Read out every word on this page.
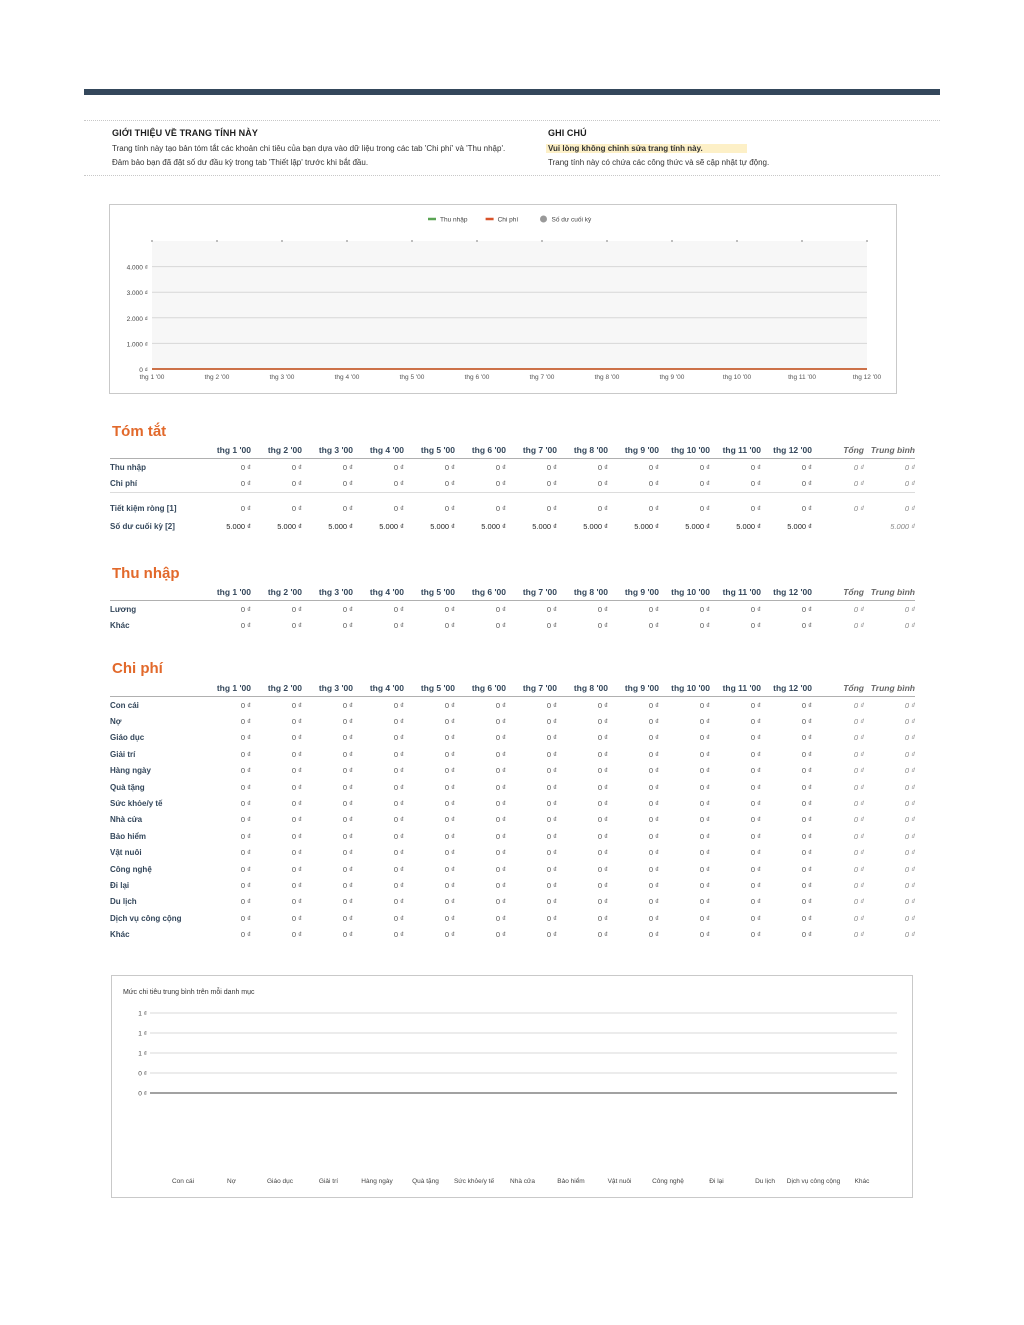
GIỚI THIỆU VỀ TRANG TÍNH NÀY

Trang tính này tạo bản tóm tắt các khoản chi tiêu của bạn dựa vào dữ liệu trong các tab 'Chi phí' và 'Thu nhập'.

Đảm bảo bạn đã đặt số dư đầu kỳ trong tab 'Thiết lập' trước khi bắt đầu.

GHI CHÚ

Vui lòng không chỉnh sửa trang tính này.

Trang tính này có chứa các công thức và sẽ cập nhật tự động.

0 ₫
1.000 ₫
2.000 ₫
3.000 ₫
4.000 ₫
thg 1 '00	thg 2 '00	thg 3 '00	thg 4 '00	thg 5 '00	thg 6 '00	thg 7 '00	thg 8 '00	thg 9 '00	thg 10 '00	thg 11 '00	thg 12 '00
Thu nhập	Chi phí	Số dư cuối kỳ
Tóm tắt
	thg 1 '00	thg 2 '00	thg 3 '00	thg 4 '00	thg 5 '00	thg 6 '00	thg 7 '00	thg 8 '00	thg 9 '00	thg 10 '00	thg 11 '00	thg 12 '00	Tổng	Trung bình
Thu nhập	0 ₫	0 ₫	0 ₫	0 ₫	0 ₫	0 ₫	0 ₫	0 ₫	0 ₫	0 ₫	0 ₫	0 ₫	0 ₫	0 ₫
Chi phí	0 ₫	0 ₫	0 ₫	0 ₫	0 ₫	0 ₫	0 ₫	0 ₫	0 ₫	0 ₫	0 ₫	0 ₫	0 ₫	0 ₫
Tiết kiệm ròng [1]	0 ₫	0 ₫	0 ₫	0 ₫	0 ₫	0 ₫	0 ₫	0 ₫	0 ₫	0 ₫	0 ₫	0 ₫	0 ₫	0 ₫
Số dư cuối kỳ [2]	5.000 ₫	5.000 ₫	5.000 ₫	5.000 ₫	5.000 ₫	5.000 ₫	5.000 ₫	5.000 ₫	5.000 ₫	5.000 ₫	5.000 ₫	5.000 ₫		5.000 ₫
Thu nhập
	thg 1 '00	thg 2 '00	thg 3 '00	thg 4 '00	thg 5 '00	thg 6 '00	thg 7 '00	thg 8 '00	thg 9 '00	thg 10 '00	thg 11 '00	thg 12 '00	Tổng	Trung bình
Lương	0 ₫	0 ₫	0 ₫	0 ₫	0 ₫	0 ₫	0 ₫	0 ₫	0 ₫	0 ₫	0 ₫	0 ₫	0 ₫	0 ₫
Khác	0 ₫	0 ₫	0 ₫	0 ₫	0 ₫	0 ₫	0 ₫	0 ₫	0 ₫	0 ₫	0 ₫	0 ₫	0 ₫	0 ₫
Chi phí
	thg 1 '00	thg 2 '00	thg 3 '00	thg 4 '00	thg 5 '00	thg 6 '00	thg 7 '00	thg 8 '00	thg 9 '00	thg 10 '00	thg 11 '00	thg 12 '00	Tổng	Trung bình
Con cái	0 ₫	0 ₫	0 ₫	0 ₫	0 ₫	0 ₫	0 ₫	0 ₫	0 ₫	0 ₫	0 ₫	0 ₫	0 ₫	0 ₫
Nợ	0 ₫	0 ₫	0 ₫	0 ₫	0 ₫	0 ₫	0 ₫	0 ₫	0 ₫	0 ₫	0 ₫	0 ₫	0 ₫	0 ₫
Giáo dục	0 ₫	0 ₫	0 ₫	0 ₫	0 ₫	0 ₫	0 ₫	0 ₫	0 ₫	0 ₫	0 ₫	0 ₫	0 ₫	0 ₫
Giải trí	0 ₫	0 ₫	0 ₫	0 ₫	0 ₫	0 ₫	0 ₫	0 ₫	0 ₫	0 ₫	0 ₫	0 ₫	0 ₫	0 ₫
Hàng ngày	0 ₫	0 ₫	0 ₫	0 ₫	0 ₫	0 ₫	0 ₫	0 ₫	0 ₫	0 ₫	0 ₫	0 ₫	0 ₫	0 ₫
Quà tặng	0 ₫	0 ₫	0 ₫	0 ₫	0 ₫	0 ₫	0 ₫	0 ₫	0 ₫	0 ₫	0 ₫	0 ₫	0 ₫	0 ₫
Sức khỏe/y tế	0 ₫	0 ₫	0 ₫	0 ₫	0 ₫	0 ₫	0 ₫	0 ₫	0 ₫	0 ₫	0 ₫	0 ₫	0 ₫	0 ₫
Nhà cửa	0 ₫	0 ₫	0 ₫	0 ₫	0 ₫	0 ₫	0 ₫	0 ₫	0 ₫	0 ₫	0 ₫	0 ₫	0 ₫	0 ₫
Bảo hiểm	0 ₫	0 ₫	0 ₫	0 ₫	0 ₫	0 ₫	0 ₫	0 ₫	0 ₫	0 ₫	0 ₫	0 ₫	0 ₫	0 ₫
Vật nuôi	0 ₫	0 ₫	0 ₫	0 ₫	0 ₫	0 ₫	0 ₫	0 ₫	0 ₫	0 ₫	0 ₫	0 ₫	0 ₫	0 ₫
Công nghệ	0 ₫	0 ₫	0 ₫	0 ₫	0 ₫	0 ₫	0 ₫	0 ₫	0 ₫	0 ₫	0 ₫	0 ₫	0 ₫	0 ₫
Đi lại	0 ₫	0 ₫	0 ₫	0 ₫	0 ₫	0 ₫	0 ₫	0 ₫	0 ₫	0 ₫	0 ₫	0 ₫	0 ₫	0 ₫
Du lịch	0 ₫	0 ₫	0 ₫	0 ₫	0 ₫	0 ₫	0 ₫	0 ₫	0 ₫	0 ₫	0 ₫	0 ₫	0 ₫	0 ₫
Dịch vụ công cộng	0 ₫	0 ₫	0 ₫	0 ₫	0 ₫	0 ₫	0 ₫	0 ₫	0 ₫	0 ₫	0 ₫	0 ₫	0 ₫	0 ₫
Khác	0 ₫	0 ₫	0 ₫	0 ₫	0 ₫	0 ₫	0 ₫	0 ₫	0 ₫	0 ₫	0 ₫	0 ₫	0 ₫	0 ₫
Mức chi tiêu trung bình trên mỗi danh mục
1 ₫
1 ₫
1 ₫
0 ₫
0 ₫
Con cái	Nợ	Giáo dục	Giải trí	Hàng ngày	Quà tặng Sức khỏe/y tế Nhà cửa	Bảo hiểm	Vật nuôi	Công nghệ	Đi lại	Du lịch Dịch vụ công cộng Khác
